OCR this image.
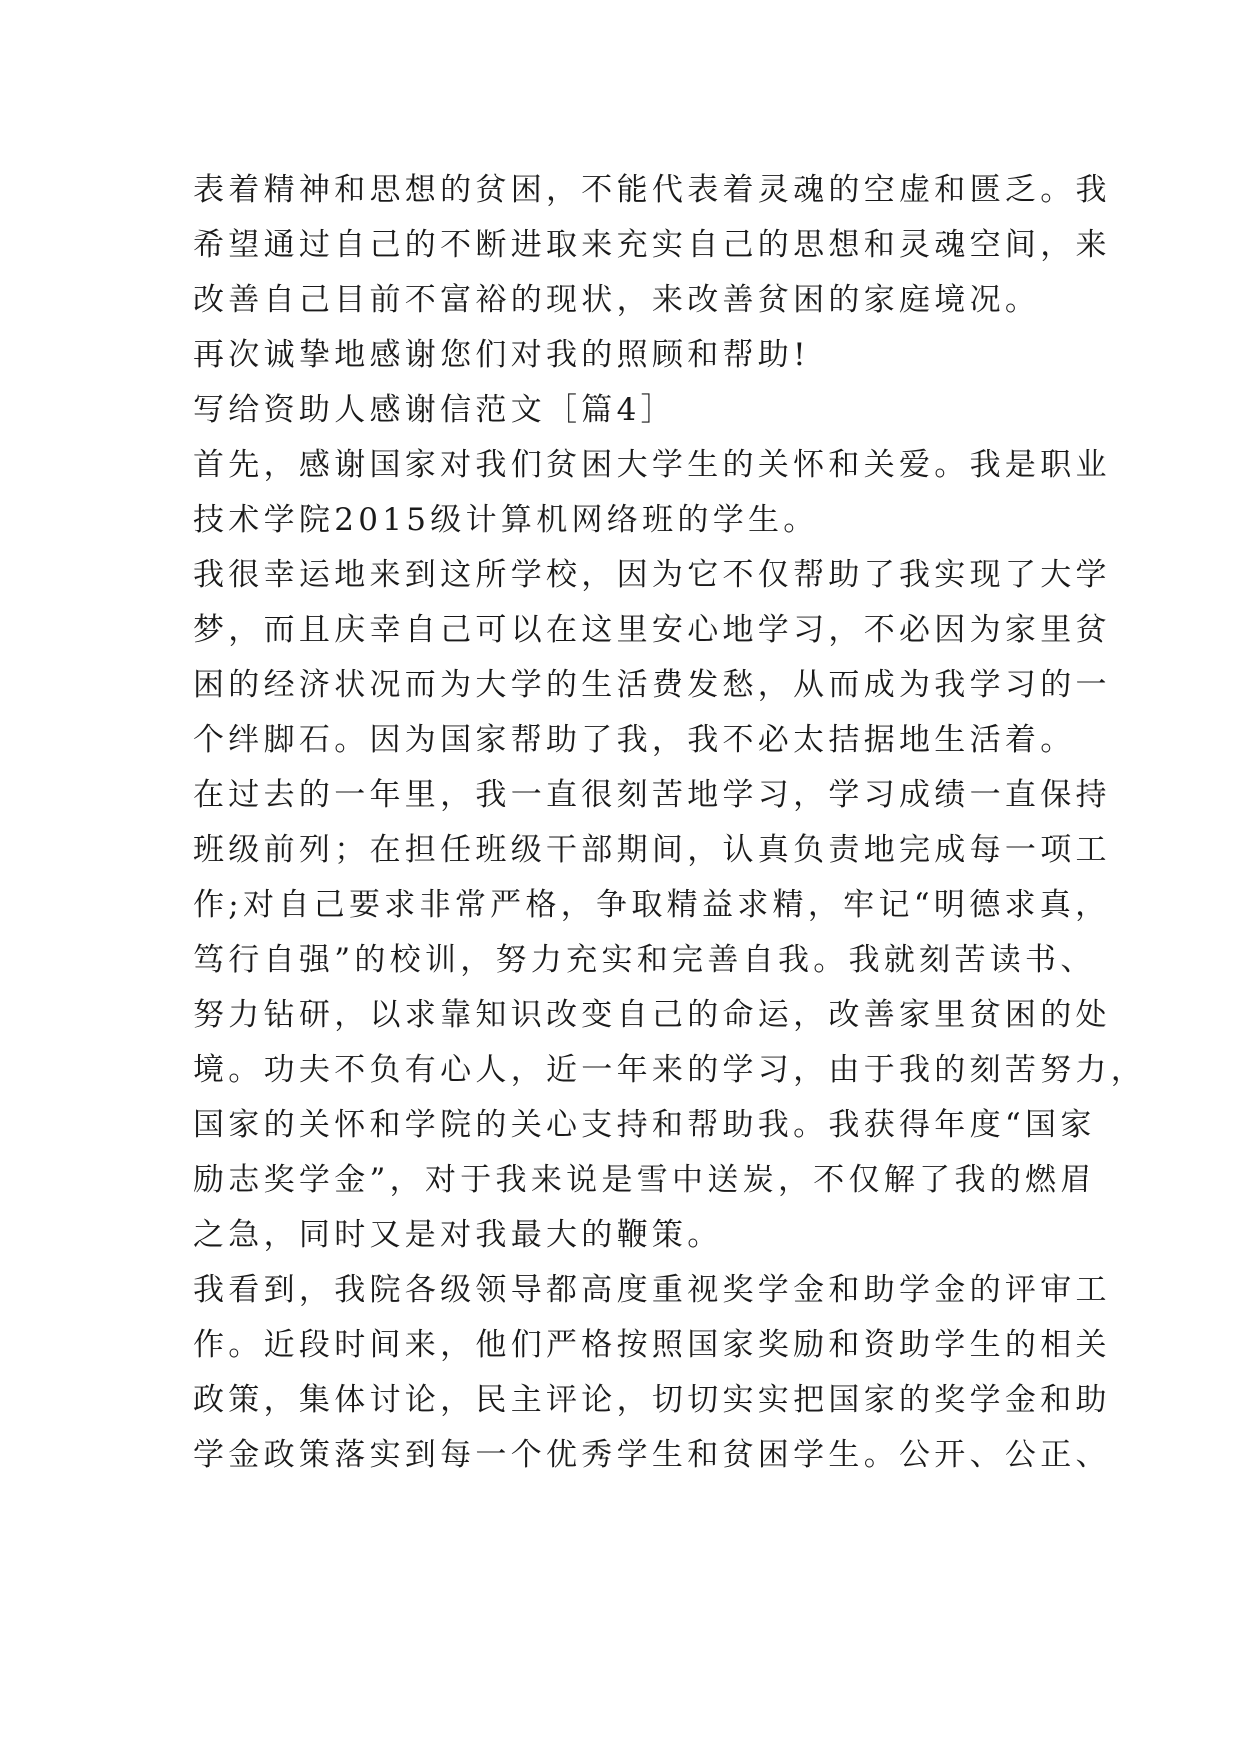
表着精神和思想的贫困，不能代表着灵魂的空虚和匮乏。我
希望通过自己的不断进取来充实自己的思想和灵魂空间，来
改善自己目前不富裕的现状，来改善贫困的家庭境况。
再次诚挚地感谢您们对我的照顾和帮助!
写给资助人感谢信范文［篇4］
首先，感谢国家对我们贫困大学生的关怀和关爱。我是职业
技术学院2015级计算机网络班的学生。
我很幸运地来到这所学校，因为它不仅帮助了我实现了大学
梦，而且庆幸自己可以在这里安心地学习，不必因为家里贫
困的经济状况而为大学的生活费发愁，从而成为我学习的一
个绊脚石。因为国家帮助了我，我不必太拮据地生活着。
在过去的一年里，我一直很刻苦地学习，学习成绩一直保持
班级前列；在担任班级干部期间，认真负责地完成每一项工
作;对自己要求非常严格，争取精益求精，牢记“明德求真，
笃行自强”的校训，努力充实和完善自我。我就刻苦读书、
努力钻研，以求靠知识改变自己的命运，改善家里贫困的处
境。功夫不负有心人，近一年来的学习，由于我的刻苦努力，
国家的关怀和学院的关心支持和帮助我。我获得年度“国家
励志奖学金”，对于我来说是雪中送炭，不仅解了我的燃眉
之急，同时又是对我最大的鞭策。
我看到，我院各级领导都高度重视奖学金和助学金的评审工
作。近段时间来，他们严格按照国家奖励和资助学生的相关
政策，集体讨论，民主评论，切切实实把国家的奖学金和助
学金政策落实到每一个优秀学生和贫困学生。公开、公正、
